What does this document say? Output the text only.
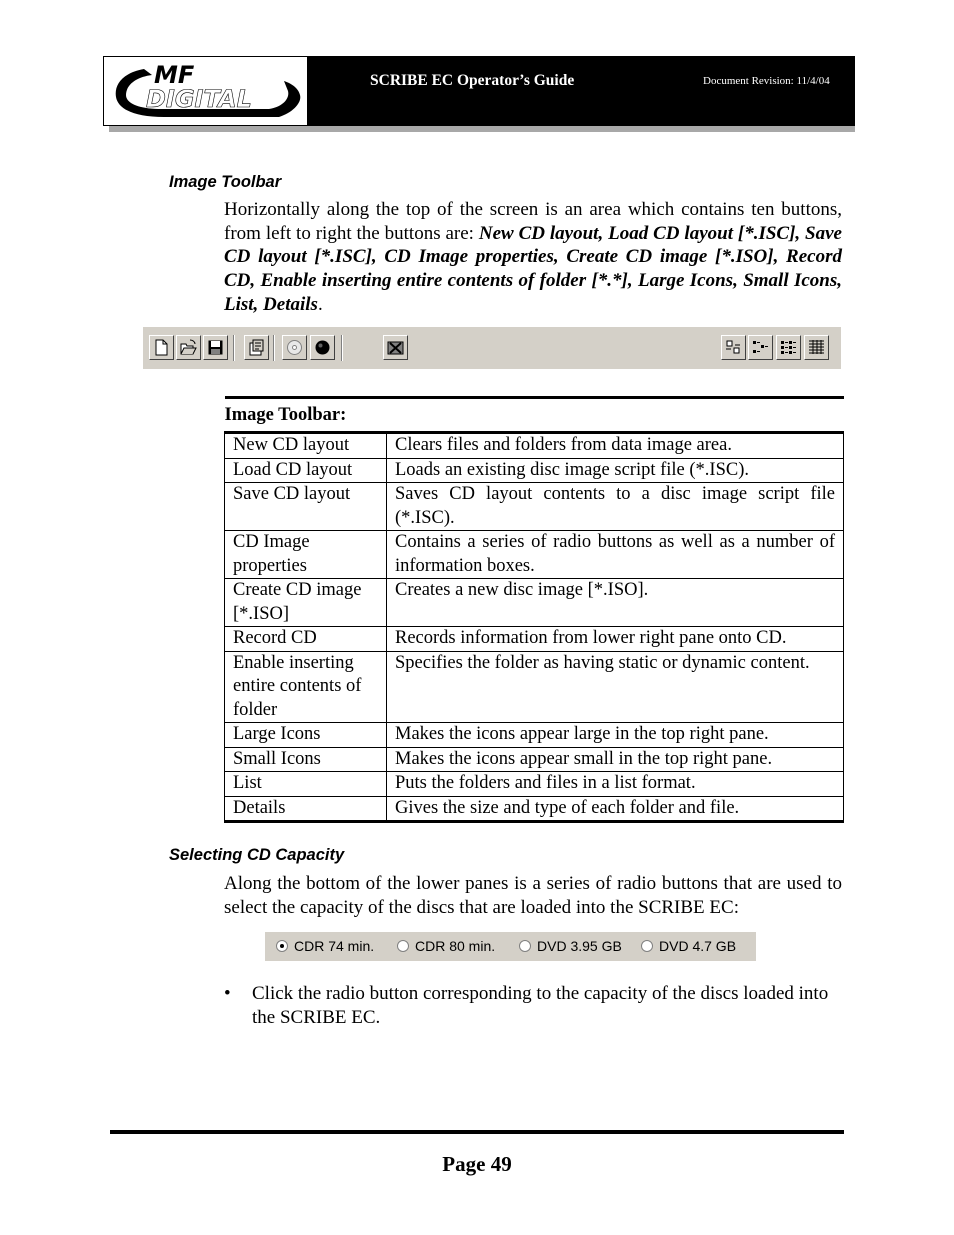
MF
DIGITAL
SCRIBE EC Operator’s Guide	Document Revision: 11/4/04
Image Toolbar
Horizontally along the top of the screen is an area which contains ten buttons, from left to right the buttons are: New CD layout, Load CD layout [*.ISC], Save CD layout [*.ISC], CD Image properties, Create CD image [*.ISO], Record CD, Enable inserting entire contents of folder [*.*], Large Icons, Small Icons, List, Details.
Image Toolbar:	
New CD layout	Clears files and folders from data image area.
Load CD layout	Loads an existing disc image script file (*.ISC).
Save CD layout	Saves CD layout contents to a disc image script file (*.ISC).
CD Image properties	Contains a series of radio buttons as well as a number of information boxes.
Create CD image [*.ISO]	Creates a new disc image [*.ISO].
Record CD	Records information from lower right pane onto CD.
Enable inserting entire contents of folder	Specifies the folder as having static or dynamic content.
Large Icons	Makes the icons appear large in the top right pane.
Small Icons	Makes the icons appear small in the top right pane.
List	Puts the folders and files in a list format.
Details	Gives the size and type of each folder and file.
Selecting CD Capacity
Along the bottom of the lower panes is a series of radio buttons that are used to select the capacity of the discs that are loaded into the SCRIBE EC:
CDR 74 min.	CDR 80 min.	DVD 3.95 GB	DVD 4.7 GB
• Click the radio button corresponding to the capacity of the discs loaded into the SCRIBE EC.
Page 49
